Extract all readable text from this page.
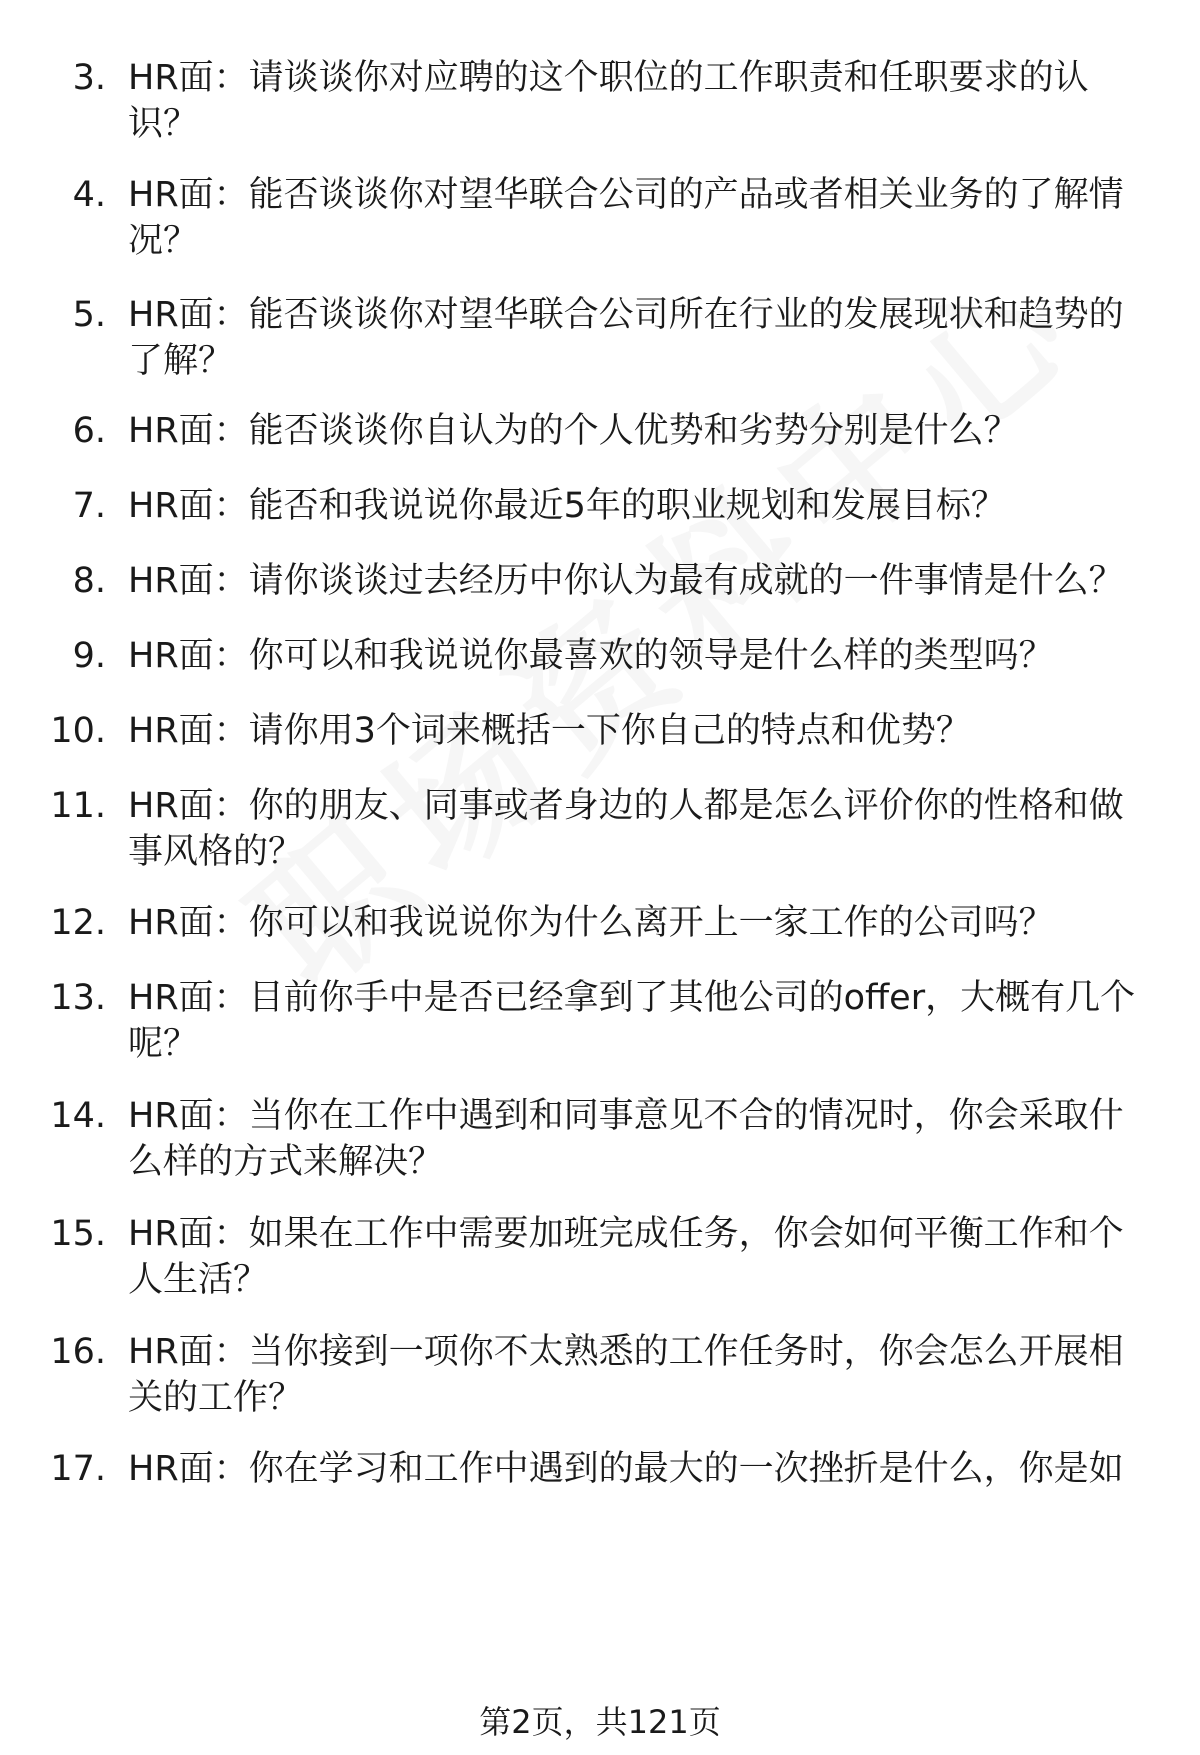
3. HR面：请谈谈你对应聘的这个职位的工作职责和任职要求的认识？
4. HR面：能否谈谈你对望华联合公司的产品或者相关业务的了解情况？
5. HR面：能否谈谈你对望华联合公司所在行业的发展现状和趋势的了解？
6. HR面：能否谈谈你自认为的个人优势和劣势分别是什么？
7. HR面：能否和我说说你最近5年的职业规划和发展目标？
8. HR面：请你谈谈过去经历中你认为最有成就的一件事情是什么？
9. HR面：你可以和我说说你最喜欢的领导是什么样的类型吗？
10. HR面：请你用3个词来概括一下你自己的特点和优势？
11. HR面：你的朋友、同事或者身边的人都是怎么评价你的性格和做事风格的？
12. HR面：你可以和我说说你为什么离开上一家工作的公司吗？
13. HR面：目前你手中是否已经拿到了其他公司的offer，大概有几个呢？
14. HR面：当你在工作中遇到和同事意见不合的情况时，你会采取什么样的方式来解决？
15. HR面：如果在工作中需要加班完成任务，你会如何平衡工作和个人生活？
16. HR面：当你接到一项你不太熟悉的工作任务时，你会怎么开展相关的工作？
17. HR面：你在学习和工作中遇到的最大的一次挫折是什么，你是如
第2页，共121页
